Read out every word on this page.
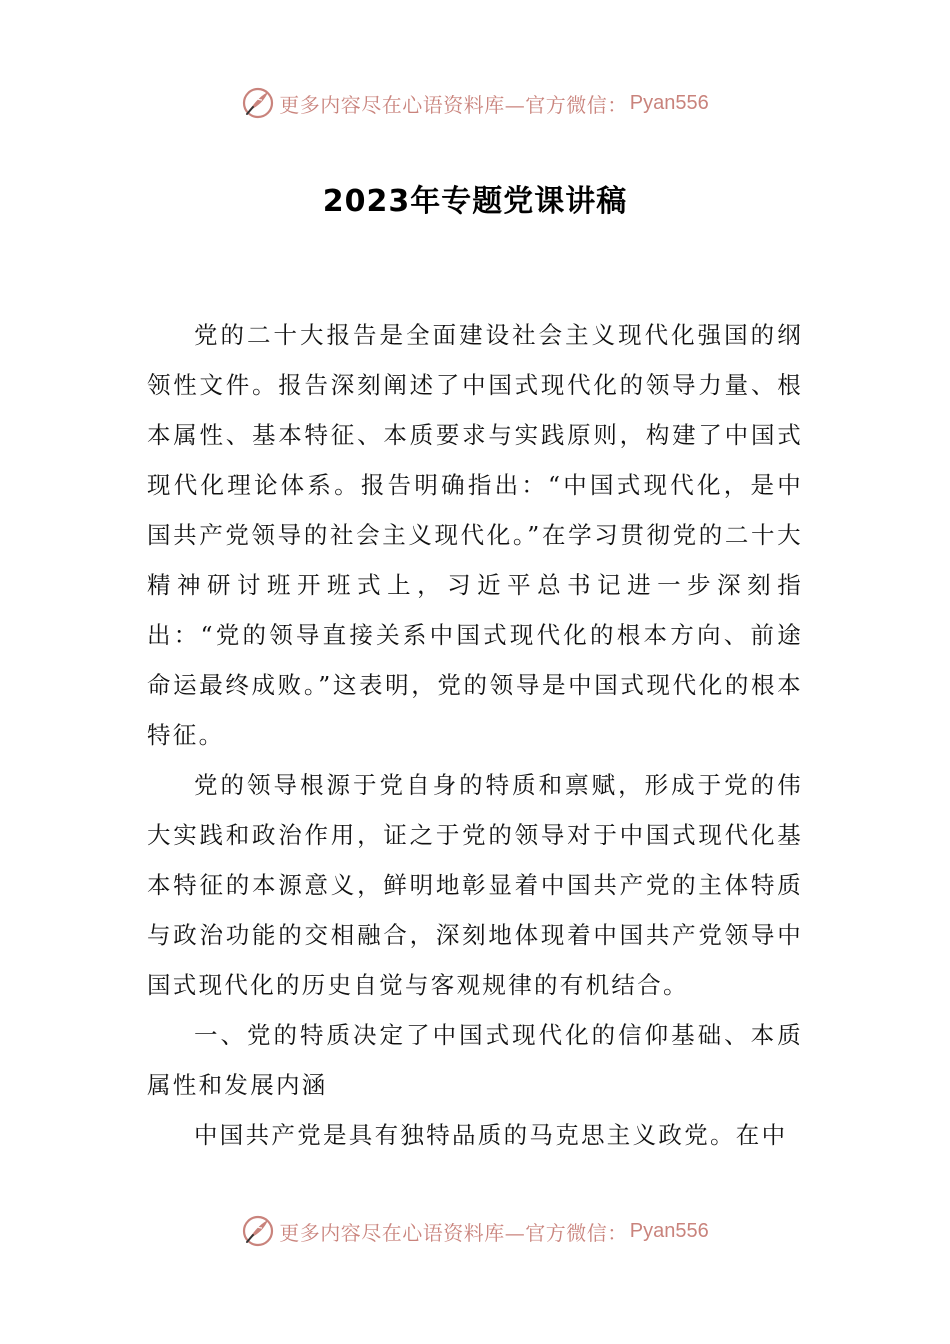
更多内容尽在心语资料库—官方微信： Pyan556
2023年专题党课讲稿

党的二十大报告是全面建设社会主义现代化强国的纲领性文件。报告深刻阐述了中国式现代化的领导力量、根本属性、基本特征、本质要求与实践原则，构建了中国式现代化理论体系。报告明确指出：“中国式现代化，是中国共产党领导的社会主义现代化。”在学习贯彻党的二十大精神研讨班开班式上，习近平总书记进一步深刻指出：“党的领导直接关系中国式现代化的根本方向、前途命运最终成败。”这表明，党的领导是中国式现代化的根本特征。

党的领导根源于党自身的特质和禀赋，形成于党的伟大实践和政治作用，证之于党的领导对于中国式现代化基本特征的本源意义，鲜明地彰显着中国共产党的主体特质与政治功能的交相融合，深刻地体现着中国共产党领导中国式现代化的历史自觉与客观规律的有机结合。

一、党的特质决定了中国式现代化的信仰基础、本质属性和发展内涵

中国共产党是具有独特品质的马克思主义政党。在中

更多内容尽在心语资料库—官方微信： Pyan556
